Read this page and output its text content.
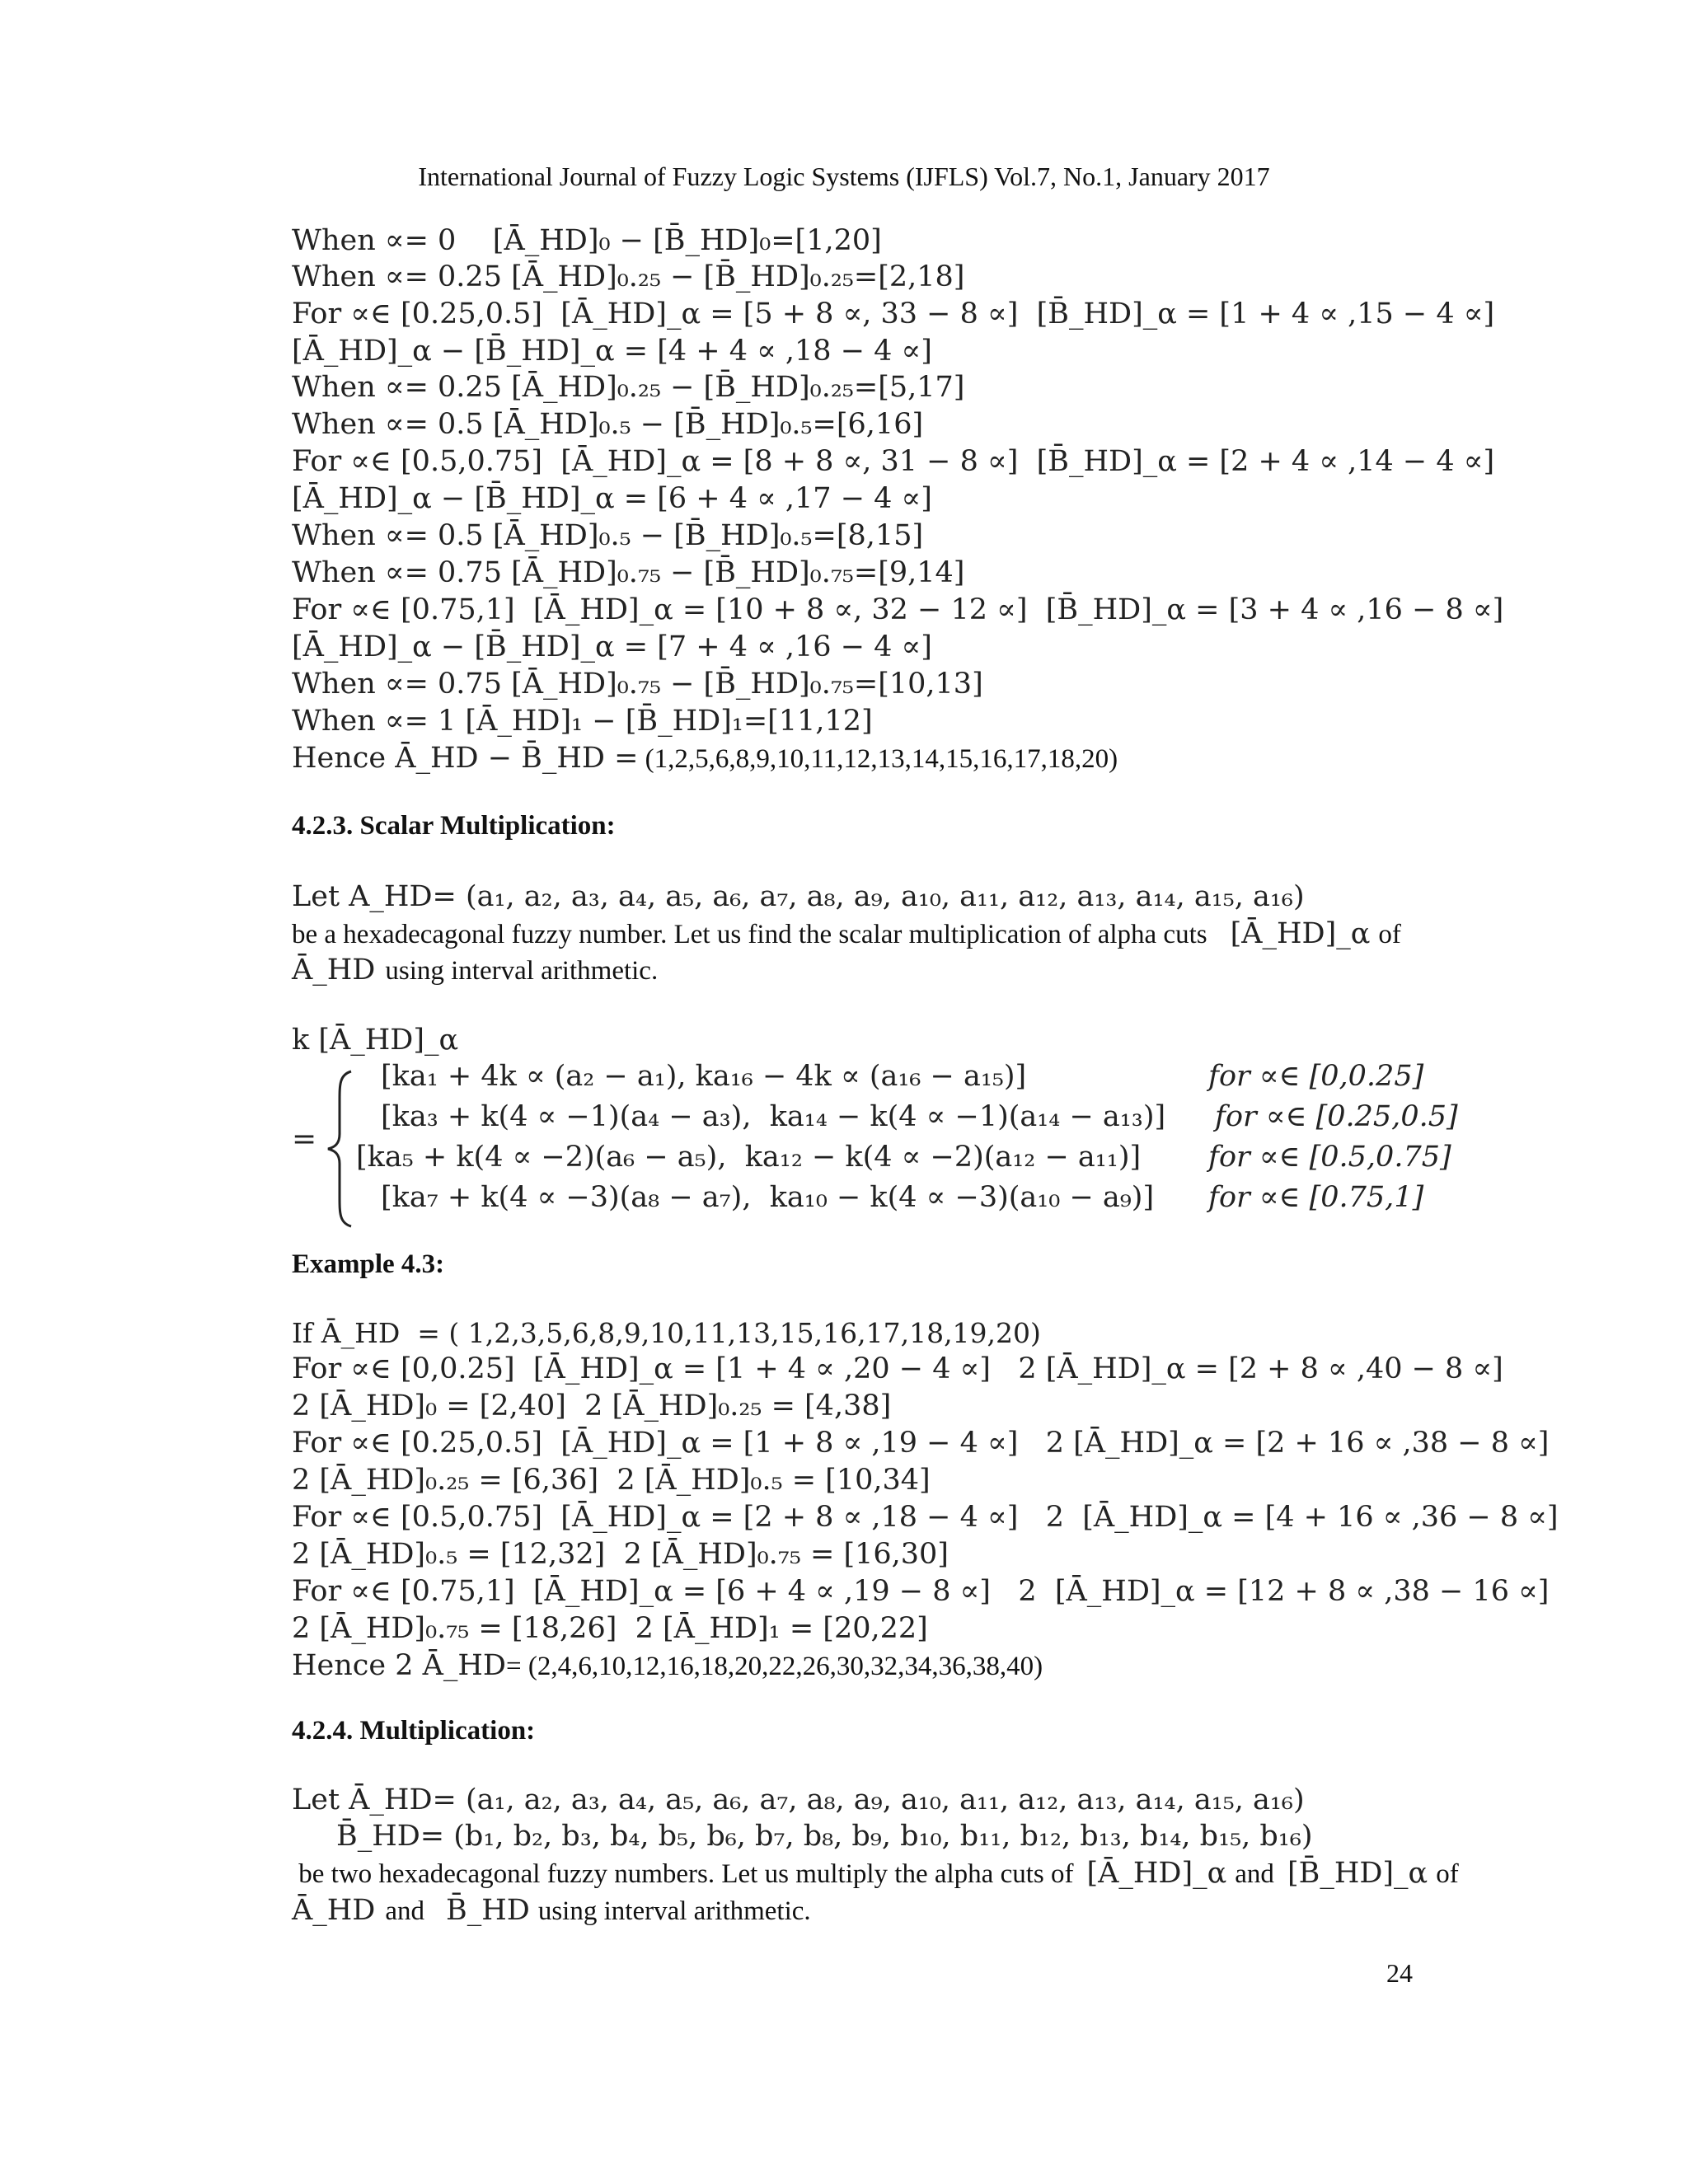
International Journal of Fuzzy Logic Systems (IJFLS) Vol.7, No.1, January 2017
When ∝= 0    [Ā_HD]₀ − [B̄_HD]₀=[1,20]
When ∝= 0.25 [Ā_HD]₀.₂₅ − [B̄_HD]₀.₂₅=[2,18]
For ∝∈ [0.25,0.5]  [Ā_HD]_α = [5 + 8 ∝, 33 − 8 ∝]  [B̄_HD]_α = [1 + 4 ∝ ,15 − 4 ∝]
[Ā_HD]_α − [B̄_HD]_α = [4 + 4 ∝ ,18 − 4 ∝]
When ∝= 0.25 [Ā_HD]₀.₂₅ − [B̄_HD]₀.₂₅=[5,17]
When ∝= 0.5 [Ā_HD]₀.₅ − [B̄_HD]₀.₅=[6,16]
For ∝∈ [0.5,0.75]  [Ā_HD]_α = [8 + 8 ∝, 31 − 8 ∝]  [B̄_HD]_α = [2 + 4 ∝ ,14 − 4 ∝]
[Ā_HD]_α − [B̄_HD]_α = [6 + 4 ∝ ,17 − 4 ∝]
When ∝= 0.5 [Ā_HD]₀.₅ − [B̄_HD]₀.₅=[8,15]
When ∝= 0.75 [Ā_HD]₀.₇₅ − [B̄_HD]₀.₇₅=[9,14]
For ∝∈ [0.75,1]  [Ā_HD]_α = [10 + 8 ∝, 32 − 12 ∝]  [B̄_HD]_α = [3 + 4 ∝ ,16 − 8 ∝]
[Ā_HD]_α − [B̄_HD]_α = [7 + 4 ∝ ,16 − 4 ∝]
When ∝= 0.75 [Ā_HD]₀.₇₅ − [B̄_HD]₀.₇₅=[10,13]
When ∝= 1 [Ā_HD]₁ − [B̄_HD]₁=[11,12]
Hence Ā_HD − B̄_HD = (1,2,5,6,8,9,10,11,12,13,14,15,16,17,18,20)
4.2.3. Scalar Multiplication:
Let A_HD= (a₁, a₂, a₃, a₄, a₅, a₆, a₇, a₈, a₉, a₁₀, a₁₁, a₁₂, a₁₃, a₁₄, a₁₅, a₁₆)
be a hexadecagonal fuzzy number. Let us find the scalar multiplication of alpha cuts [Ā_HD]_α of
Ā_HD using interval arithmetic.
k [Ā_HD]_α
=
[ka₁ + 4k ∝ (a₂ − a₁), ka₁₆ − 4k ∝ (a₁₆ − a₁₅)]	for ∝∈ [0,0.25]
[ka₃ + k(4 ∝ −1)(a₄ − a₃),  ka₁₄ − k(4 ∝ −1)(a₁₄ − a₁₃)] for ∝∈ [0.25,0.5]
[ka₅ + k(4 ∝ −2)(a₆ − a₅),  ka₁₂ − k(4 ∝ −2)(a₁₂ − a₁₁)] for ∝∈ [0.5,0.75]
[ka₇ + k(4 ∝ −3)(a₈ − a₇),  ka₁₀ − k(4 ∝ −3)(a₁₀ − a₉)] for ∝∈ [0.75,1]
Example 4.3:
If Ā_HD  = ( 1,2,3,5,6,8,9,10,11,13,15,16,17,18,19,20)
For ∝∈ [0,0.25]  [Ā_HD]_α = [1 + 4 ∝ ,20 − 4 ∝]   2 [Ā_HD]_α = [2 + 8 ∝ ,40 − 8 ∝]
2 [Ā_HD]₀ = [2,40]  2 [Ā_HD]₀.₂₅ = [4,38]
For ∝∈ [0.25,0.5]  [Ā_HD]_α = [1 + 8 ∝ ,19 − 4 ∝]   2 [Ā_HD]_α = [2 + 16 ∝ ,38 − 8 ∝]
2 [Ā_HD]₀.₂₅ = [6,36]  2 [Ā_HD]₀.₅ = [10,34]
For ∝∈ [0.5,0.75]  [Ā_HD]_α = [2 + 8 ∝ ,18 − 4 ∝]   2  [Ā_HD]_α = [4 + 16 ∝ ,36 − 8 ∝]
2 [Ā_HD]₀.₅ = [12,32]  2 [Ā_HD]₀.₇₅ = [16,30]
For ∝∈ [0.75,1]  [Ā_HD]_α = [6 + 4 ∝ ,19 − 8 ∝]   2  [Ā_HD]_α = [12 + 8 ∝ ,38 − 16 ∝]
2 [Ā_HD]₀.₇₅ = [18,26]  2 [Ā_HD]₁ = [20,22]
Hence 2 Ā_HD= (2,4,6,10,12,16,18,20,22,26,30,32,34,36,38,40)
4.2.4. Multiplication:
Let Ā_HD= (a₁, a₂, a₃, a₄, a₅, a₆, a₇, a₈, a₉, a₁₀, a₁₁, a₁₂, a₁₃, a₁₄, a₁₅, a₁₆)
B̄_HD= (b₁, b₂, b₃, b₄, b₅, b₆, b₇, b₈, b₉, b₁₀, b₁₁, b₁₂, b₁₃, b₁₄, b₁₅, b₁₆)
be two hexadecagonal fuzzy numbers. Let us multiply the alpha cuts of [Ā_HD]_α and [B̄_HD]_α of
Ā_HD and B̄_HD using interval arithmetic.
24
